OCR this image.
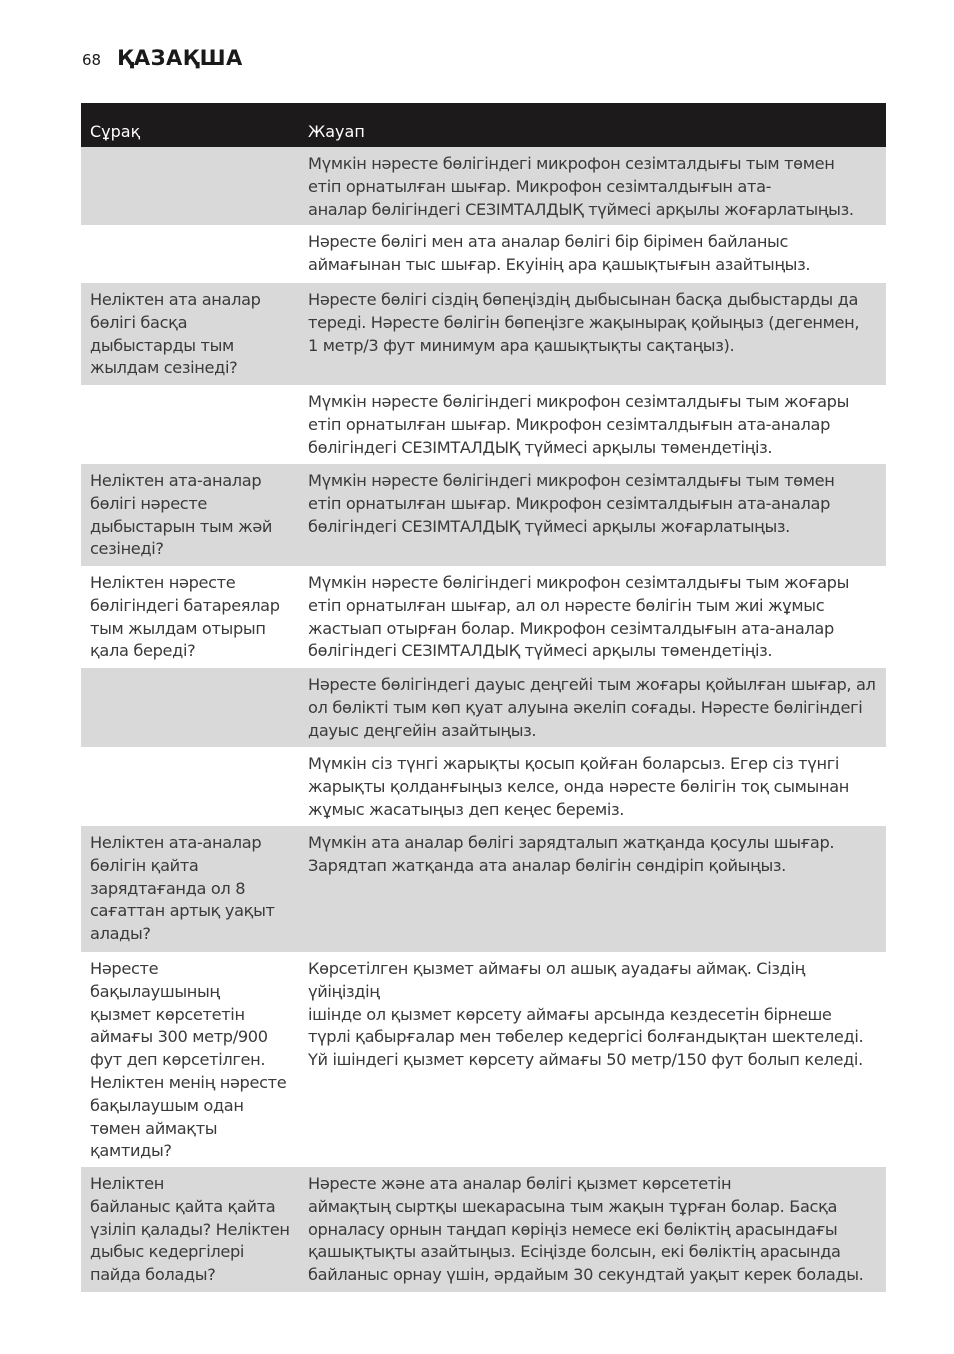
68 ҚАЗАҚША
Сұрақ	Жауап
Мүмкін нәресте бөлігіндегі микрофон сезімталдығы тым төмен
етіп орнатылған шығар. Микрофон сезімталдығын ата-
аналар бөлігіндегі СЕЗІМТАЛДЫҚ түймесі арқылы жоғарлатыңыз.
Нәресте бөлігі мен ата аналар бөлігі бір бірімен байланыс
аймағынан тыс шығар. Екуінің ара қашықтығын азайтыңыз.
Неліктен ата аналар
бөлігі басқа
дыбыстарды тым
жылдам сезінеді?
Нәресте бөлігі сіздің бөпеңіздің дыбысынан басқа дыбыстарды да
тереді. Нәресте бөлігін бөпеңізге жақынырақ қойыңыз (дегенмен,
1 метр/3 фут минимум ара қашықтықты сақтаңыз).
Мүмкін нәресте бөлігіндегі микрофон сезімталдығы тым жоғары
етіп орнатылған шығар. Микрофон сезімталдығын ата-аналар
бөлігіндегі СЕЗІМТАЛДЫҚ түймесі арқылы төмендетіңіз.
Неліктен ата-аналар
бөлігі нәресте
дыбыстарын тым жәй
сезінеді?
Мүмкін нәресте бөлігіндегі микрофон сезімталдығы тым төмен
етіп орнатылған шығар. Микрофон сезімталдығын ата-аналар
бөлігіндегі СЕЗІМТАЛДЫҚ түймесі арқылы жоғарлатыңыз.
Неліктен нәресте
бөлігіндегі батареялар
тым жылдам отырып
қала береді?
Мүмкін нәресте бөлігіндегі микрофон сезімталдығы тым жоғары
етіп орнатылған шығар, ал ол нәресте бөлігін тым жиі жұмыс
жастыап отырған болар. Микрофон сезімталдығын ата-аналар
бөлігіндегі СЕЗІМТАЛДЫҚ түймесі арқылы төмендетіңіз.
Нәресте бөлігіндегі дауыс деңгейі тым жоғары қойылған шығар, ал
ол бөлікті тым көп қуат алуына әкеліп соғады. Нәресте бөлігіндегі
дауыс деңгейін азайтыңыз.
Мүмкін сіз түнгі жарықты қосып қойған боларсыз. Егер сіз түнгі
жарықты қолданғыңыз келсе, онда нәресте бөлігін тоқ сымынан
жұмыс жасатыңыз деп кеңес береміз.
Неліктен ата-аналар
бөлігін қайта
зарядтағанда ол 8
сағаттан артық уақыт
алады?
Мүмкін ата аналар бөлігі зарядталып жатқанда қосулы шығар.
Зарядтап жатқанда ата аналар бөлігін сөндіріп қойыңыз.
Нәресте
бақылаушының
қызмет көрсететін
аймағы 300 метр/900
фут деп көрсетілген.
Неліктен менің нәресте
бақылаушым одан
төмен аймақты
қамтиды?
Көрсетілген қызмет аймағы ол ашық ауадағы аймақ. Сіздің үйіңіздің
ішінде ол қызмет көрсету аймағы арсында кездесетін бірнеше
түрлі қабырғалар мен төбелер кедергісі болғандықтан шектеледі.
Үй ішіндегі қызмет көрсету аймағы 50 метр/150 фут болып келеді.
Неліктен
байланыс қайта қайта
үзіліп қалады? Неліктен
дыбыс кедергілері
пайда болады?
Нәресте және ата аналар бөлігі қызмет көрсететін
аймақтың сыртқы шекарасына тым жақын тұрған болар. Басқа
орналасу орнын таңдап көріңіз немесе екі бөліктің арасындағы
қашықтықты азайтыңыз. Есіңізде болсын, екі бөліктің арасында
байланыс орнау үшін, әрдайым 30 секундтай уақыт керек болады.
